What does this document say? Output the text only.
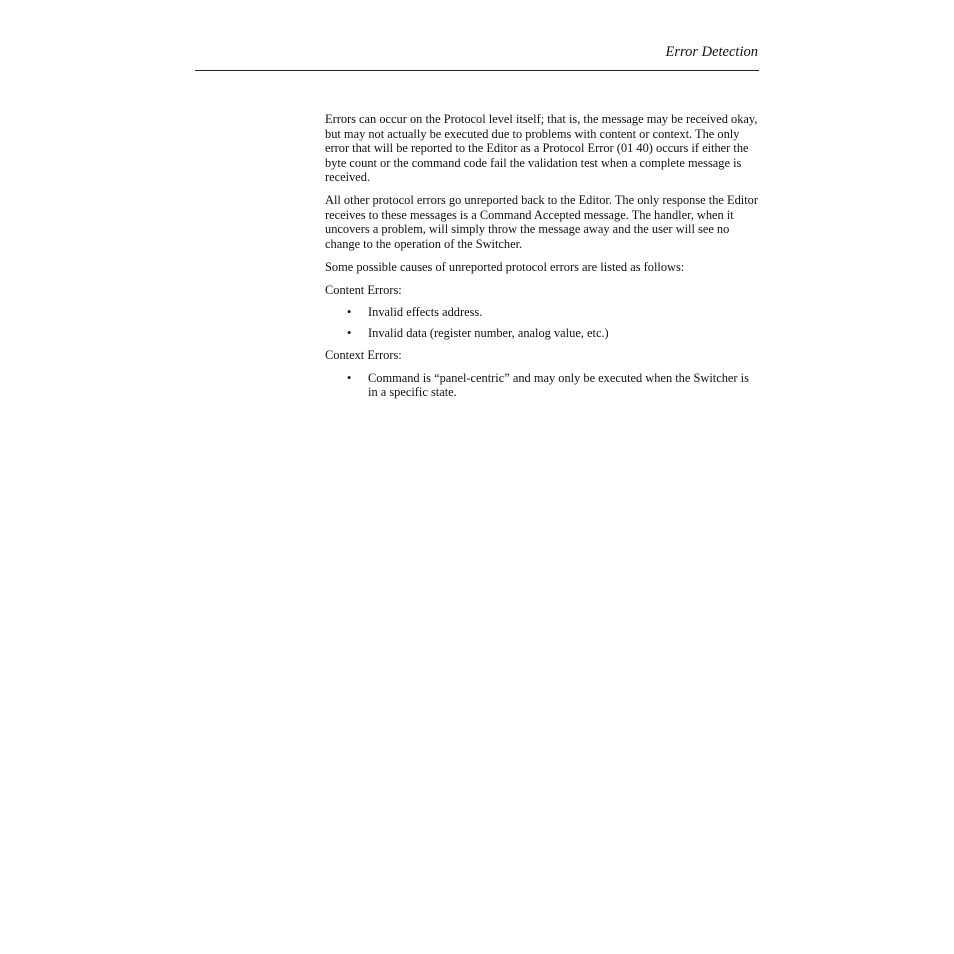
Error Detection

Errors can occur on the Protocol level itself; that is, the message may be received okay, but may not actually be executed due to problems with content or context. The only error that will be reported to the Editor as a Protocol Error (01 40) occurs if either the byte count or the command code fail the validation test when a complete message is received.

All other protocol errors go unreported back to the Editor. The only response the Editor receives to these messages is a Command Accepted message. The handler, when it uncovers a problem, will simply throw the message away and the user will see no change to the operation of the Switcher.

Some possible causes of unreported protocol errors are listed as follows:

Content Errors:

• Invalid effects address.
• Invalid data (register number, analog value, etc.)

Context Errors:

• Command is “panel-centric” and may only be executed when the Switcher is in a specific state.
